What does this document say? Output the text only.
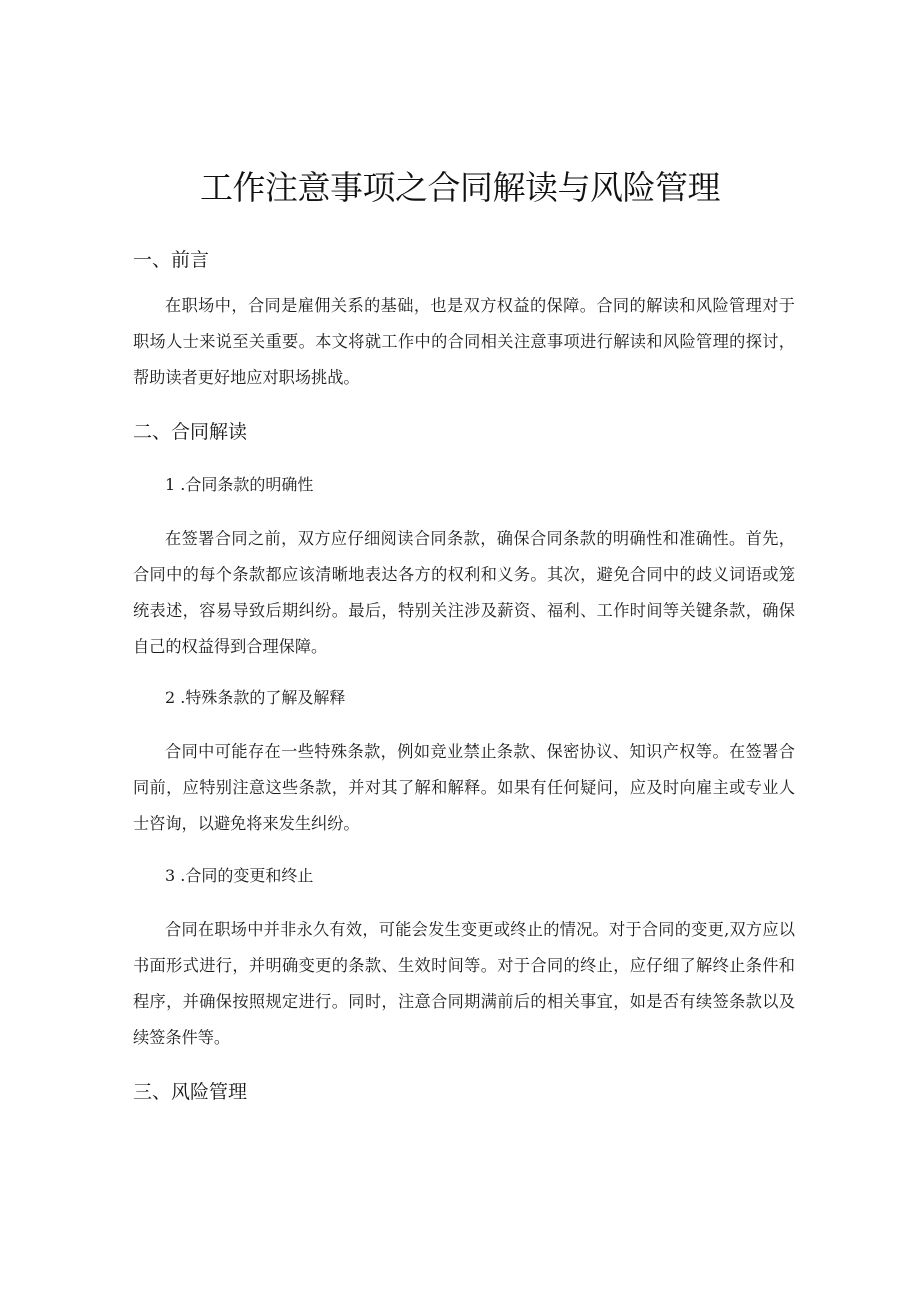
工作注意事项之合同解读与风险管理
一、前言
在职场中，合同是雇佣关系的基础，也是双方权益的保障。合同的解读和风险管理对于职场人士来说至关重要。本文将就工作中的合同相关注意事项进行解读和风险管理的探讨，帮助读者更好地应对职场挑战。
二、合同解读
1 .合同条款的明确性
在签署合同之前，双方应仔细阅读合同条款，确保合同条款的明确性和准确性。首先，合同中的每个条款都应该清晰地表达各方的权利和义务。其次，避免合同中的歧义词语或笼统表述，容易导致后期纠纷。最后，特别关注涉及薪资、福利、工作时间等关键条款，确保自己的权益得到合理保障。
2 .特殊条款的了解及解释
合同中可能存在一些特殊条款，例如竞业禁止条款、保密协议、知识产权等。在签署合同前，应特别注意这些条款，并对其了解和解释。如果有任何疑问，应及时向雇主或专业人士咨询，以避免将来发生纠纷。
3 .合同的变更和终止
合同在职场中并非永久有效，可能会发生变更或终止的情况。对于合同的变更,双方应以书面形式进行，并明确变更的条款、生效时间等。对于合同的终止，应仔细了解终止条件和程序，并确保按照规定进行。同时，注意合同期满前后的相关事宜，如是否有续签条款以及续签条件等。
三、风险管理
